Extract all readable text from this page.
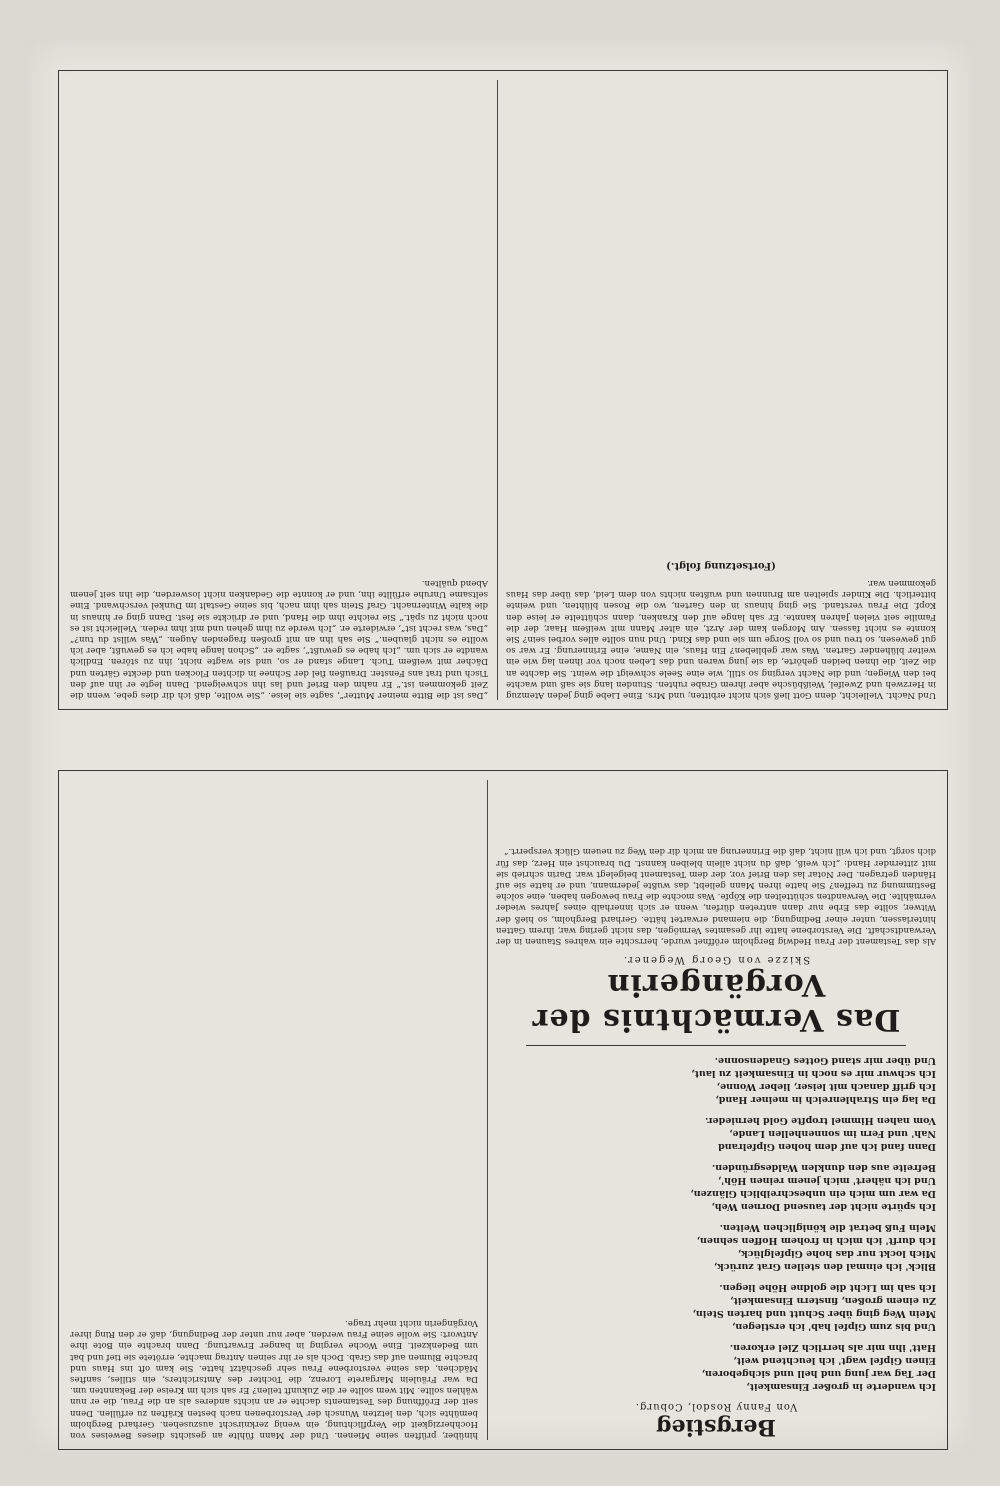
Und Nacht. Vielleicht, denn Gott ließ sich nicht erbitten; und Mrs. Eine Liebe ging jeden Atemzug in Herzweh und Zweifel, Weißbüsche aber ihrem Grabe ruhten. Stunden lang sie saß und wachte bei den Wiegen; und die Nacht verging so still, wie eine Seele schweigt die weint. Sie dachte an die Zeit, die ihnen beiden gehörte, da sie jung waren und das Leben noch vor ihnen lag wie ein weiter blühender Garten. Was war geblieben? Ein Haus, ein Name, eine Erinnerung. Er war so gut gewesen, so treu und so voll Sorge um sie und das Kind. Und nun sollte alles vorbei sein? Sie konnte es nicht fassen. Am Morgen kam der Arzt, ein alter Mann mit weißem Haar, der die Familie seit vielen Jahren kannte. Er sah lange auf den Kranken, dann schüttelte er leise den Kopf. Die Frau verstand. Sie ging hinaus in den Garten, wo die Rosen blühten, und weinte bitterlich. Die Kinder spielten am Brunnen und wußten nichts von dem Leid, das über das Haus gekommen war.
(Fortsetzung folgt.)
„Das ist die Bitte meiner Mutter“, sagte sie leise. „Sie wollte, daß ich dir dies gebe, wenn die Zeit gekommen ist.“ Er nahm den Brief und las ihn schweigend. Dann legte er ihn auf den Tisch und trat ans Fenster. Draußen fiel der Schnee in dichten Flocken und deckte Gärten und Dächer mit weißem Tuch. Lange stand er so, und sie wagte nicht, ihn zu stören. Endlich wandte er sich um. „Ich habe es gewußt“, sagte er. „Schon lange habe ich es gewußt, aber ich wollte es nicht glauben.“ Sie sah ihn an mit großen fragenden Augen. „Was willst du tun?“ „Das, was recht ist“, erwiderte er. „Ich werde zu ihm gehen und mit ihm reden. Vielleicht ist es noch nicht zu spät.“ Sie reichte ihm die Hand, und er drückte sie fest. Dann ging er hinaus in die kalte Winternacht. Graf Stein sah ihm nach, bis seine Gestalt im Dunkel verschwand. Eine seltsame Unruhe erfüllte ihn, und er konnte die Gedanken nicht loswerden, die ihn seit jenem Abend quälten.
Bergstieg
Von Fanny Rosdol, Coburg.
Ich wanderte in großer Einsamkeit,
Der Tag war jung und hell und sichgeboren,
Einen Gipfel wagt' ich leuchtend weit,
Hatt' ihn mir als herrlich Ziel erkoren.
Und bis zum Gipfel hab' ich erstiegen,
Mein Weg ging über Schutt und harten Stein,
Zu einem großen, finstern Einsamkeit,
Ich sah im Licht die goldne Höhe liegen.
Blick' ich einmal den steilen Grat zurück,
Mich lockt nur das hohe Gipfelglück,
Ich durft' ich mich in frohem Hoffen sehnen,
Mein Fuß betrat die königlichen Weiten.
Ich spürte nicht der tausend Dornen Weh,
Da war um mich ein unbeschreiblich Glänzen,
Und ich nähert' mich jenem reinen Höh',
Befreite aus den dunklen Waldesgründen.
Dann fand ich auf dem hohen Gipfelrand
Nah' und Fern im sonnenhellen Lande,
Vom nahen Himmel tropfte Gold hernieder.
Da lag ein Strahlenreich in meiner Hand,
Ich griff danach mit leiser, lieber Wonne,
Ich schwur mir es noch in Einsamkeit zu laut,
Und über mir stand Gottes Gnadensonne.
Das Vermächtnis der Vorgängerin
Skizze von Georg Wegener.
Als das Testament der Frau Hedwig Bergholm eröffnet wurde, herrschte ein wahres Staunen in der Verwandtschaft. Die Verstorbene hatte ihr gesamtes Vermögen, das nicht gering war, ihrem Gatten hinterlassen, unter einer Bedingung, die niemand erwartet hätte. Gerhard Bergholm, so hieß der Witwer, sollte das Erbe nur dann antreten dürfen, wenn er sich innerhalb eines Jahres wieder vermählte. Die Verwandten schüttelten die Köpfe. Was mochte die Frau bewogen haben, eine solche Bestimmung zu treffen? Sie hatte ihren Mann geliebt, das wußte jedermann, und er hatte sie auf Händen getragen. Der Notar las den Brief vor, der dem Testament beigelegt war. Darin schrieb sie mit zitternder Hand: „Ich weiß, daß du nicht allein bleiben kannst. Du brauchst ein Herz, das für dich sorgt, und ich will nicht, daß die Erinnerung an mich dir den Weg zu neuem Glück versperrt.“
hinüber, prüften seine Mienen. Und der Mann fühlte an gesichts dieses Beweises von Hochherzigkeit die Verpflichtung, ein wenig zerknirscht auszusehen. Gerhard Bergholm bemühte sich, den letzten Wunsch der Verstorbenen nach besten Kräften zu erfüllen. Denn seit der Eröffnung des Testaments dachte er an nichts anderes als an die Frau, die er nun wählen sollte. Mit wem sollte er die Zukunft teilen? Er sah sich im Kreise der Bekannten um. Da war Fräulein Margarete Lorenz, die Tochter des Amtsrichters, ein stilles, sanftes Mädchen, das seine verstorbene Frau sehr geschätzt hatte. Sie kam oft ins Haus und brachte Blumen auf das Grab. Doch als er ihr seinen Antrag machte, errötete sie tief und bat um Bedenkzeit. Eine Woche verging in banger Erwartung. Dann brachte ein Bote ihre Antwort: Sie wolle seine Frau werden, aber nur unter der Bedingung, daß er den Ring ihrer Vorgängerin nicht mehr trage.
